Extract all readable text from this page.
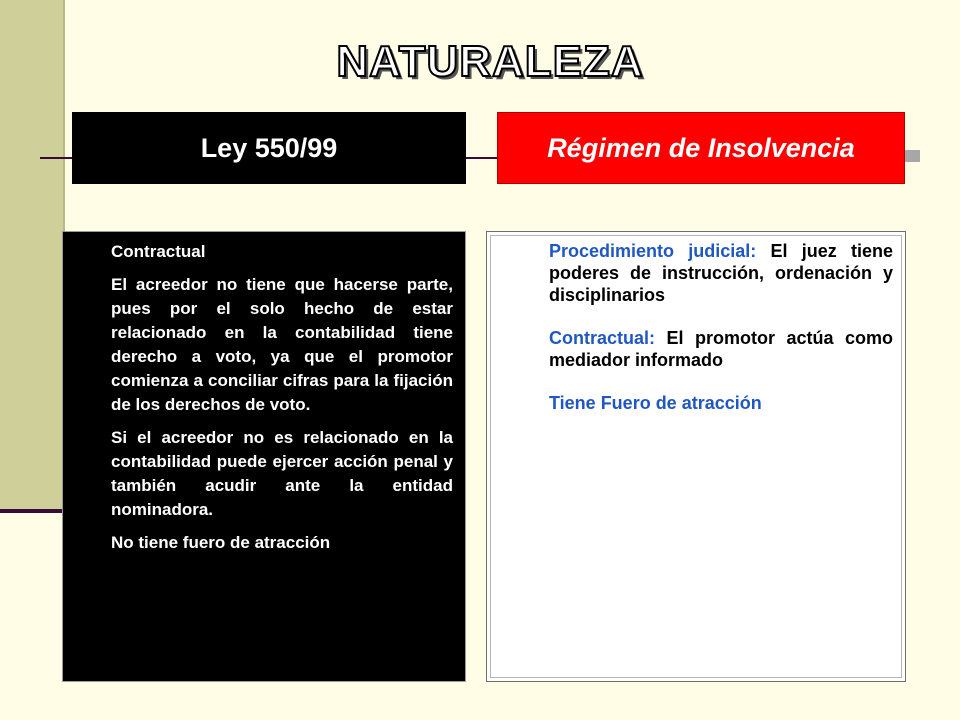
NATURALEZA
Ley 550/99	Régimen de Insolvencia

Contractual

El acreedor no tiene que hacerse parte, pues por el solo hecho de estar relacionado en la contabilidad tiene derecho a voto, ya que el promotor comienza a conciliar cifras para la fijación de los derechos de voto.

Si el acreedor no es relacionado en la contabilidad puede ejercer acción penal y también acudir ante la entidad nominadora.

No tiene fuero de atracción

Procedimiento judicial: El juez tiene poderes de instrucción, ordenación y disciplinarios

Contractual: El promotor actúa como mediador informado

Tiene Fuero de atracción
